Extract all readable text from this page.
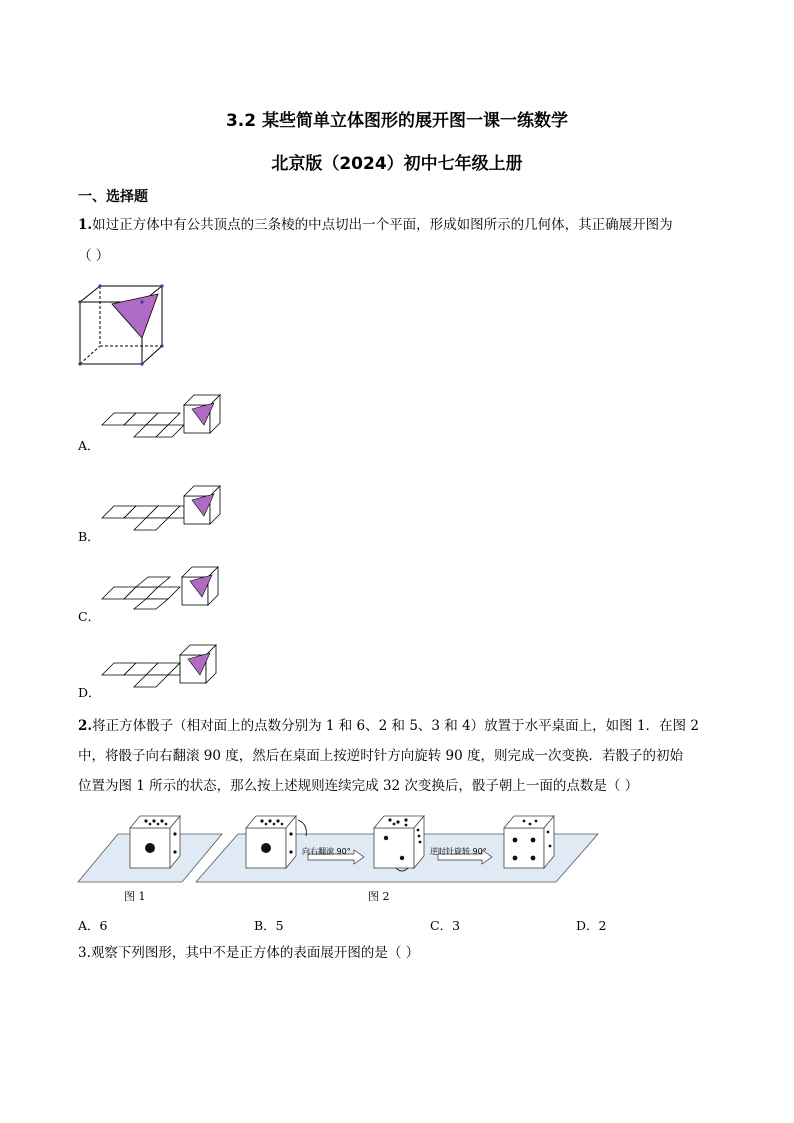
3.2 某些简单立体图形的展开图一课一练数学
北京版（2024）初中七年级上册
一、选择题
1.如过正方体中有公共顶点的三条棱的中点切出一个平面，形成如图所示的几何体，其正确展开图为
（ ）
A．
B．
C．
D．
2.将正方体骰子（相对面上的点数分别为 1 和 6、2 和 5、3 和 4）放置于水平桌面上，如图 1．在图 2
中，将骰子向右翻滚 90 度，然后在桌面上按逆时针方向旋转 90 度，则完成一次变换．若骰子的初始
位置为图 1 所示的状态，那么按上述规则连续完成 32 次变换后，骰子朝上一面的点数是（ ）
向右翻滚 90°	逆时针旋转 90°
图 1	图 2
A．6	B．5	C．3	D．2
3.观察下列图形，其中不是正方体的表面展开图的是（ ）
